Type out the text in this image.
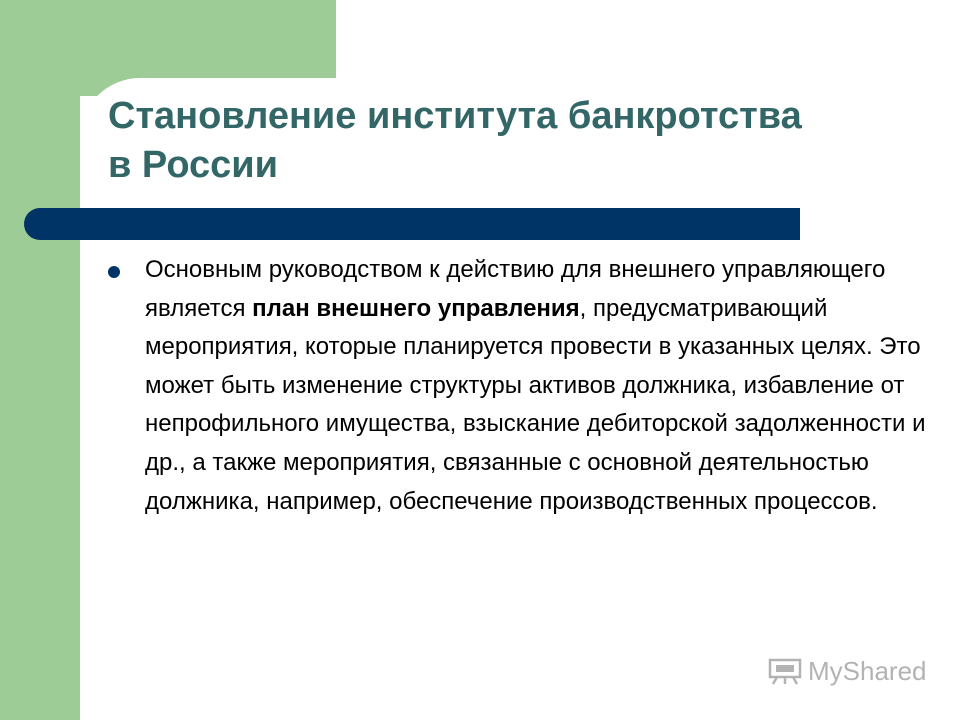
Становление института банкротства в России

Основным руководством к действию для внешнего управляющего является план внешнего управления, предусматривающий мероприятия, которые планируется провести в указанных целях. Это может быть изменение структуры активов должника, избавление от непрофильного имущества, взыскание дебиторской задолженности и др., а также мероприятия, связанные с основной деятельностью должника, например, обеспечение производственных процессов.

MyShared
